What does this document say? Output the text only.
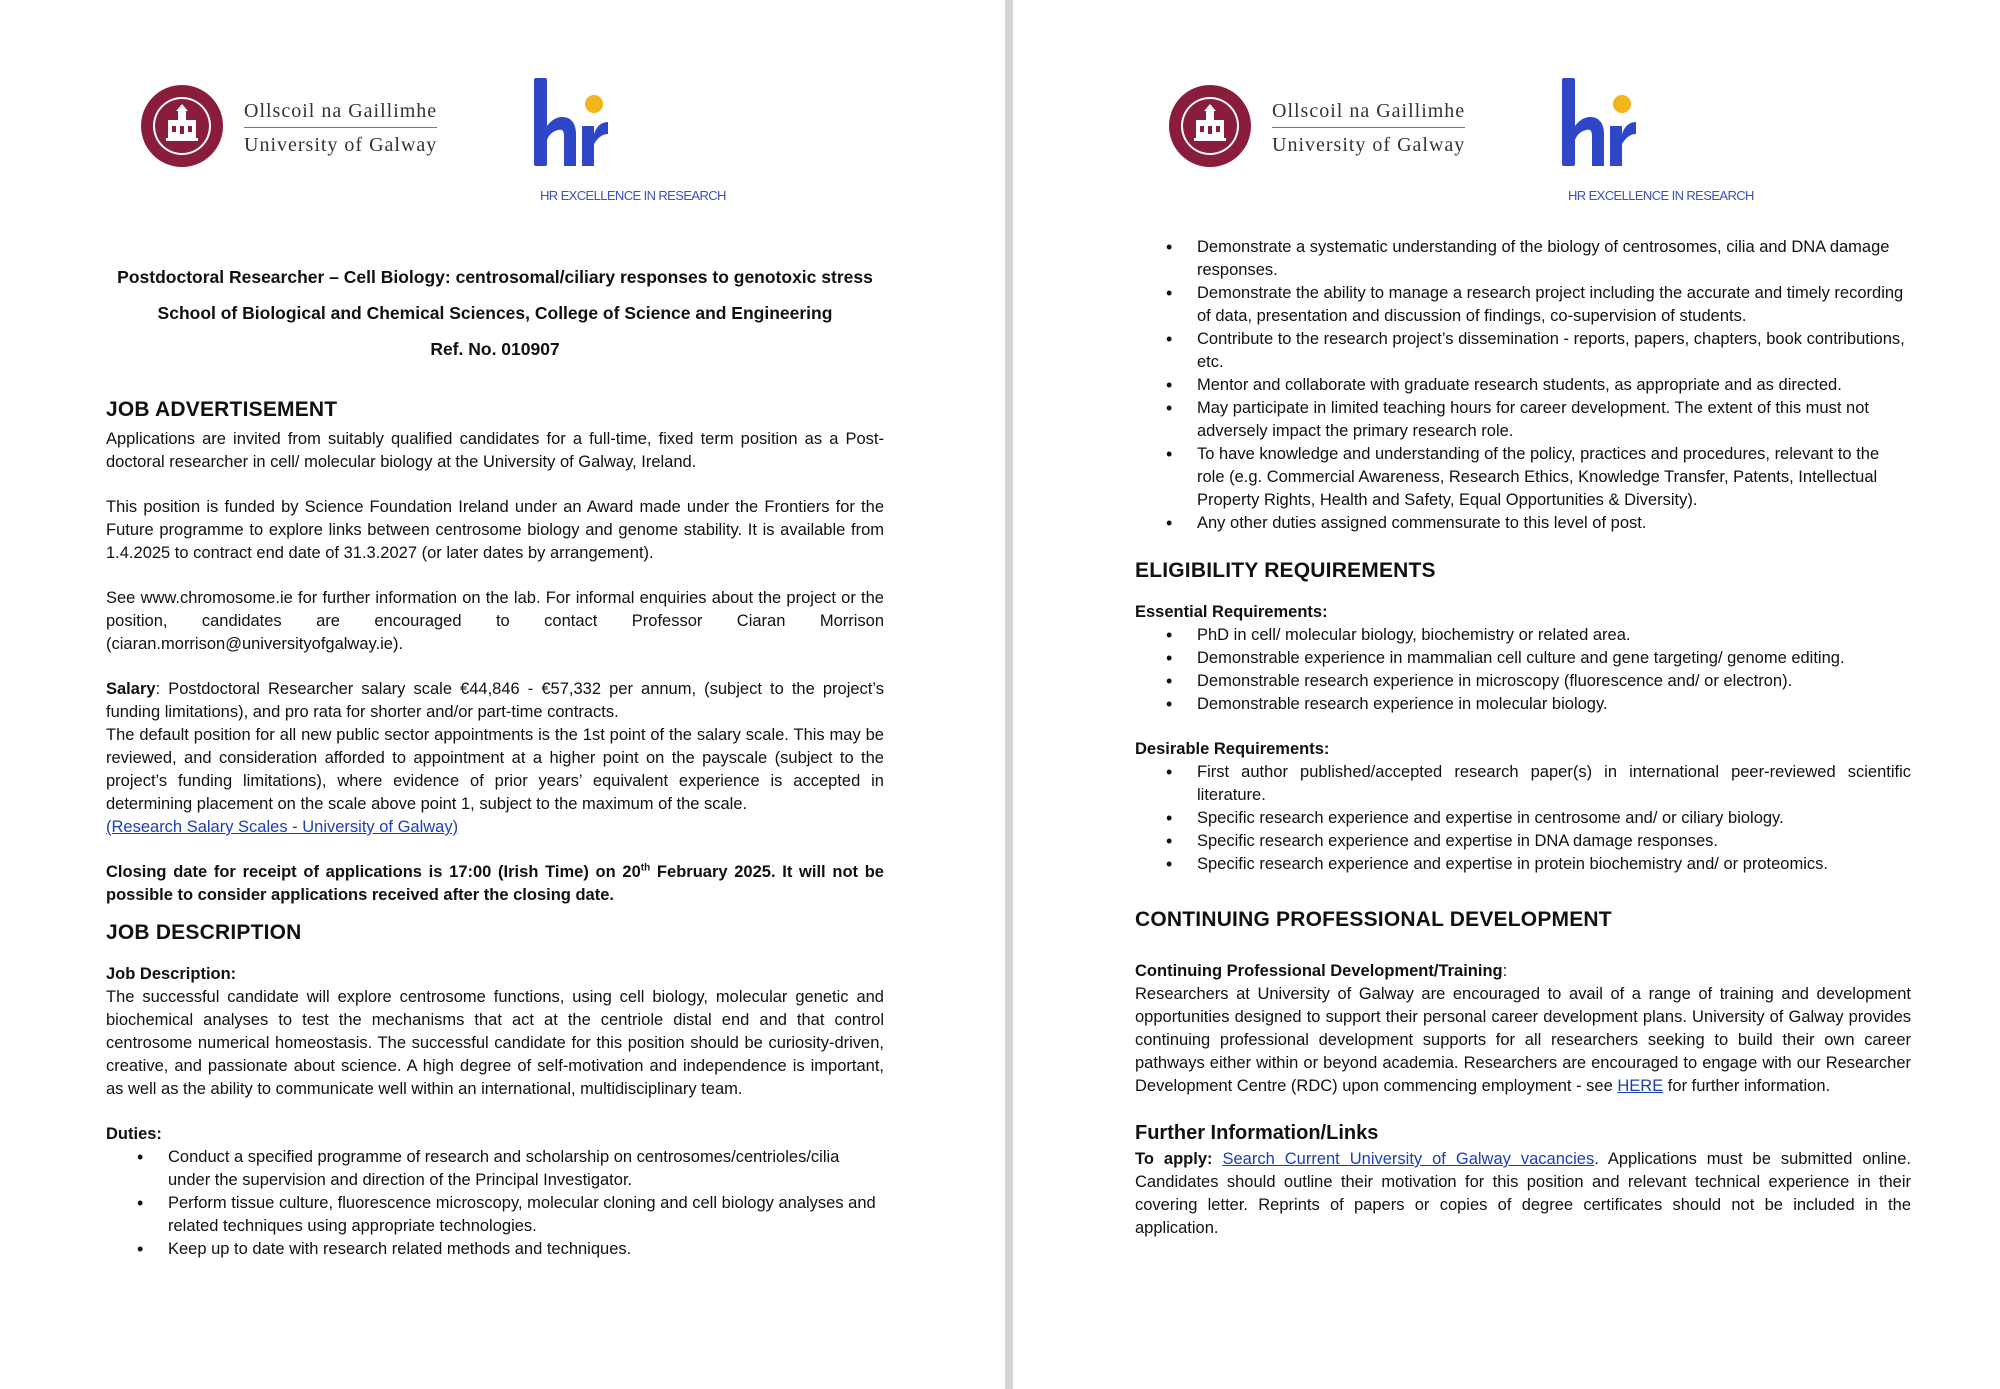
Ollscoil na Gaillimhe
University of Galway
HR EXCELLENCE IN RESEARCH
Postdoctoral Researcher – Cell Biology: centrosomal/ciliary responses to genotoxic stress
School of Biological and Chemical Sciences, College of Science and Engineering
Ref. No. 010907
JOB ADVERTISEMENT

Applications are invited from suitably qualified candidates for a full-time, fixed term position as a Post-doctoral researcher in cell/ molecular biology at the University of Galway, Ireland.

This position is funded by Science Foundation Ireland under an Award made under the Frontiers for the Future programme to explore links between centrosome biology and genome stability. It is available from 1.4.2025 to contract end date of 31.3.2027 (or later dates by arrangement).

See www.chromosome.ie for further information on the lab. For informal enquiries about the project or the position, candidates are encouraged to contact Professor Ciaran Morrison (ciaran.morrison@universityofgalway.ie).

Salary: Postdoctoral Researcher salary scale €44,846 - €57,332 per annum, (subject to the project’s funding limitations), and pro rata for shorter and/or part-time contracts.

The default position for all new public sector appointments is the 1st point of the salary scale. This may be reviewed, and consideration afforded to appointment at a higher point on the payscale (subject to the project’s funding limitations), where evidence of prior years’ equivalent experience is accepted in determining placement on the scale above point 1, subject to the maximum of the scale.

(Research Salary Scales - University of Galway)

Closing date for receipt of applications is 17:00 (Irish Time) on 20th February 2025. It will not be possible to consider applications received after the closing date.

JOB DESCRIPTION

Job Description:

The successful candidate will explore centrosome functions, using cell biology, molecular genetic and biochemical analyses to test the mechanisms that act at the centriole distal end and that control centrosome numerical homeostasis. The successful candidate for this position should be curiosity-driven, creative, and passionate about science. A high degree of self-motivation and independence is important, as well as the ability to communicate well within an international, multidisciplinary team.

Duties:

• Conduct a specified programme of research and scholarship on centrosomes/centrioles/cilia under the supervision and direction of the Principal Investigator.
• Perform tissue culture, fluorescence microscopy, molecular cloning and cell biology analyses and related techniques using appropriate technologies.
• Keep up to date with research related methods and techniques.
Ollscoil na Gaillimhe
University of Galway
HR EXCELLENCE IN RESEARCH
• Demonstrate a systematic understanding of the biology of centrosomes, cilia and DNA damage responses.
• Demonstrate the ability to manage a research project including the accurate and timely recording of data, presentation and discussion of findings, co-supervision of students.
• Contribute to the research project’s dissemination - reports, papers, chapters, book contributions, etc.
• Mentor and collaborate with graduate research students, as appropriate and as directed.
• May participate in limited teaching hours for career development. The extent of this must not adversely impact the primary research role.
• To have knowledge and understanding of the policy, practices and procedures, relevant to the role (e.g. Commercial Awareness, Research Ethics, Knowledge Transfer, Patents, Intellectual Property Rights, Health and Safety, Equal Opportunities & Diversity).
• Any other duties assigned commensurate to this level of post.
ELIGIBILITY REQUIREMENTS

Essential Requirements:

• PhD in cell/ molecular biology, biochemistry or related area.
• Demonstrable experience in mammalian cell culture and gene targeting/ genome editing.
• Demonstrable research experience in microscopy (fluorescence and/ or electron).
• Demonstrable research experience in molecular biology.

Desirable Requirements:

• First author published/accepted research paper(s) in international peer-reviewed scientific literature.
• Specific research experience and expertise in centrosome and/ or ciliary biology.
• Specific research experience and expertise in DNA damage responses.
• Specific research experience and expertise in protein biochemistry and/ or proteomics.
CONTINUING PROFESSIONAL DEVELOPMENT

Continuing Professional Development/Training:

Researchers at University of Galway are encouraged to avail of a range of training and development opportunities designed to support their personal career development plans. University of Galway provides continuing professional development supports for all researchers seeking to build their own career pathways either within or beyond academia. Researchers are encouraged to engage with our Researcher Development Centre (RDC) upon commencing employment - see HERE for further information.

Further Information/Links

To apply: Search Current University of Galway vacancies. Applications must be submitted online. Candidates should outline their motivation for this position and relevant technical experience in their covering letter. Reprints of papers or copies of degree certificates should not be included in the application.
